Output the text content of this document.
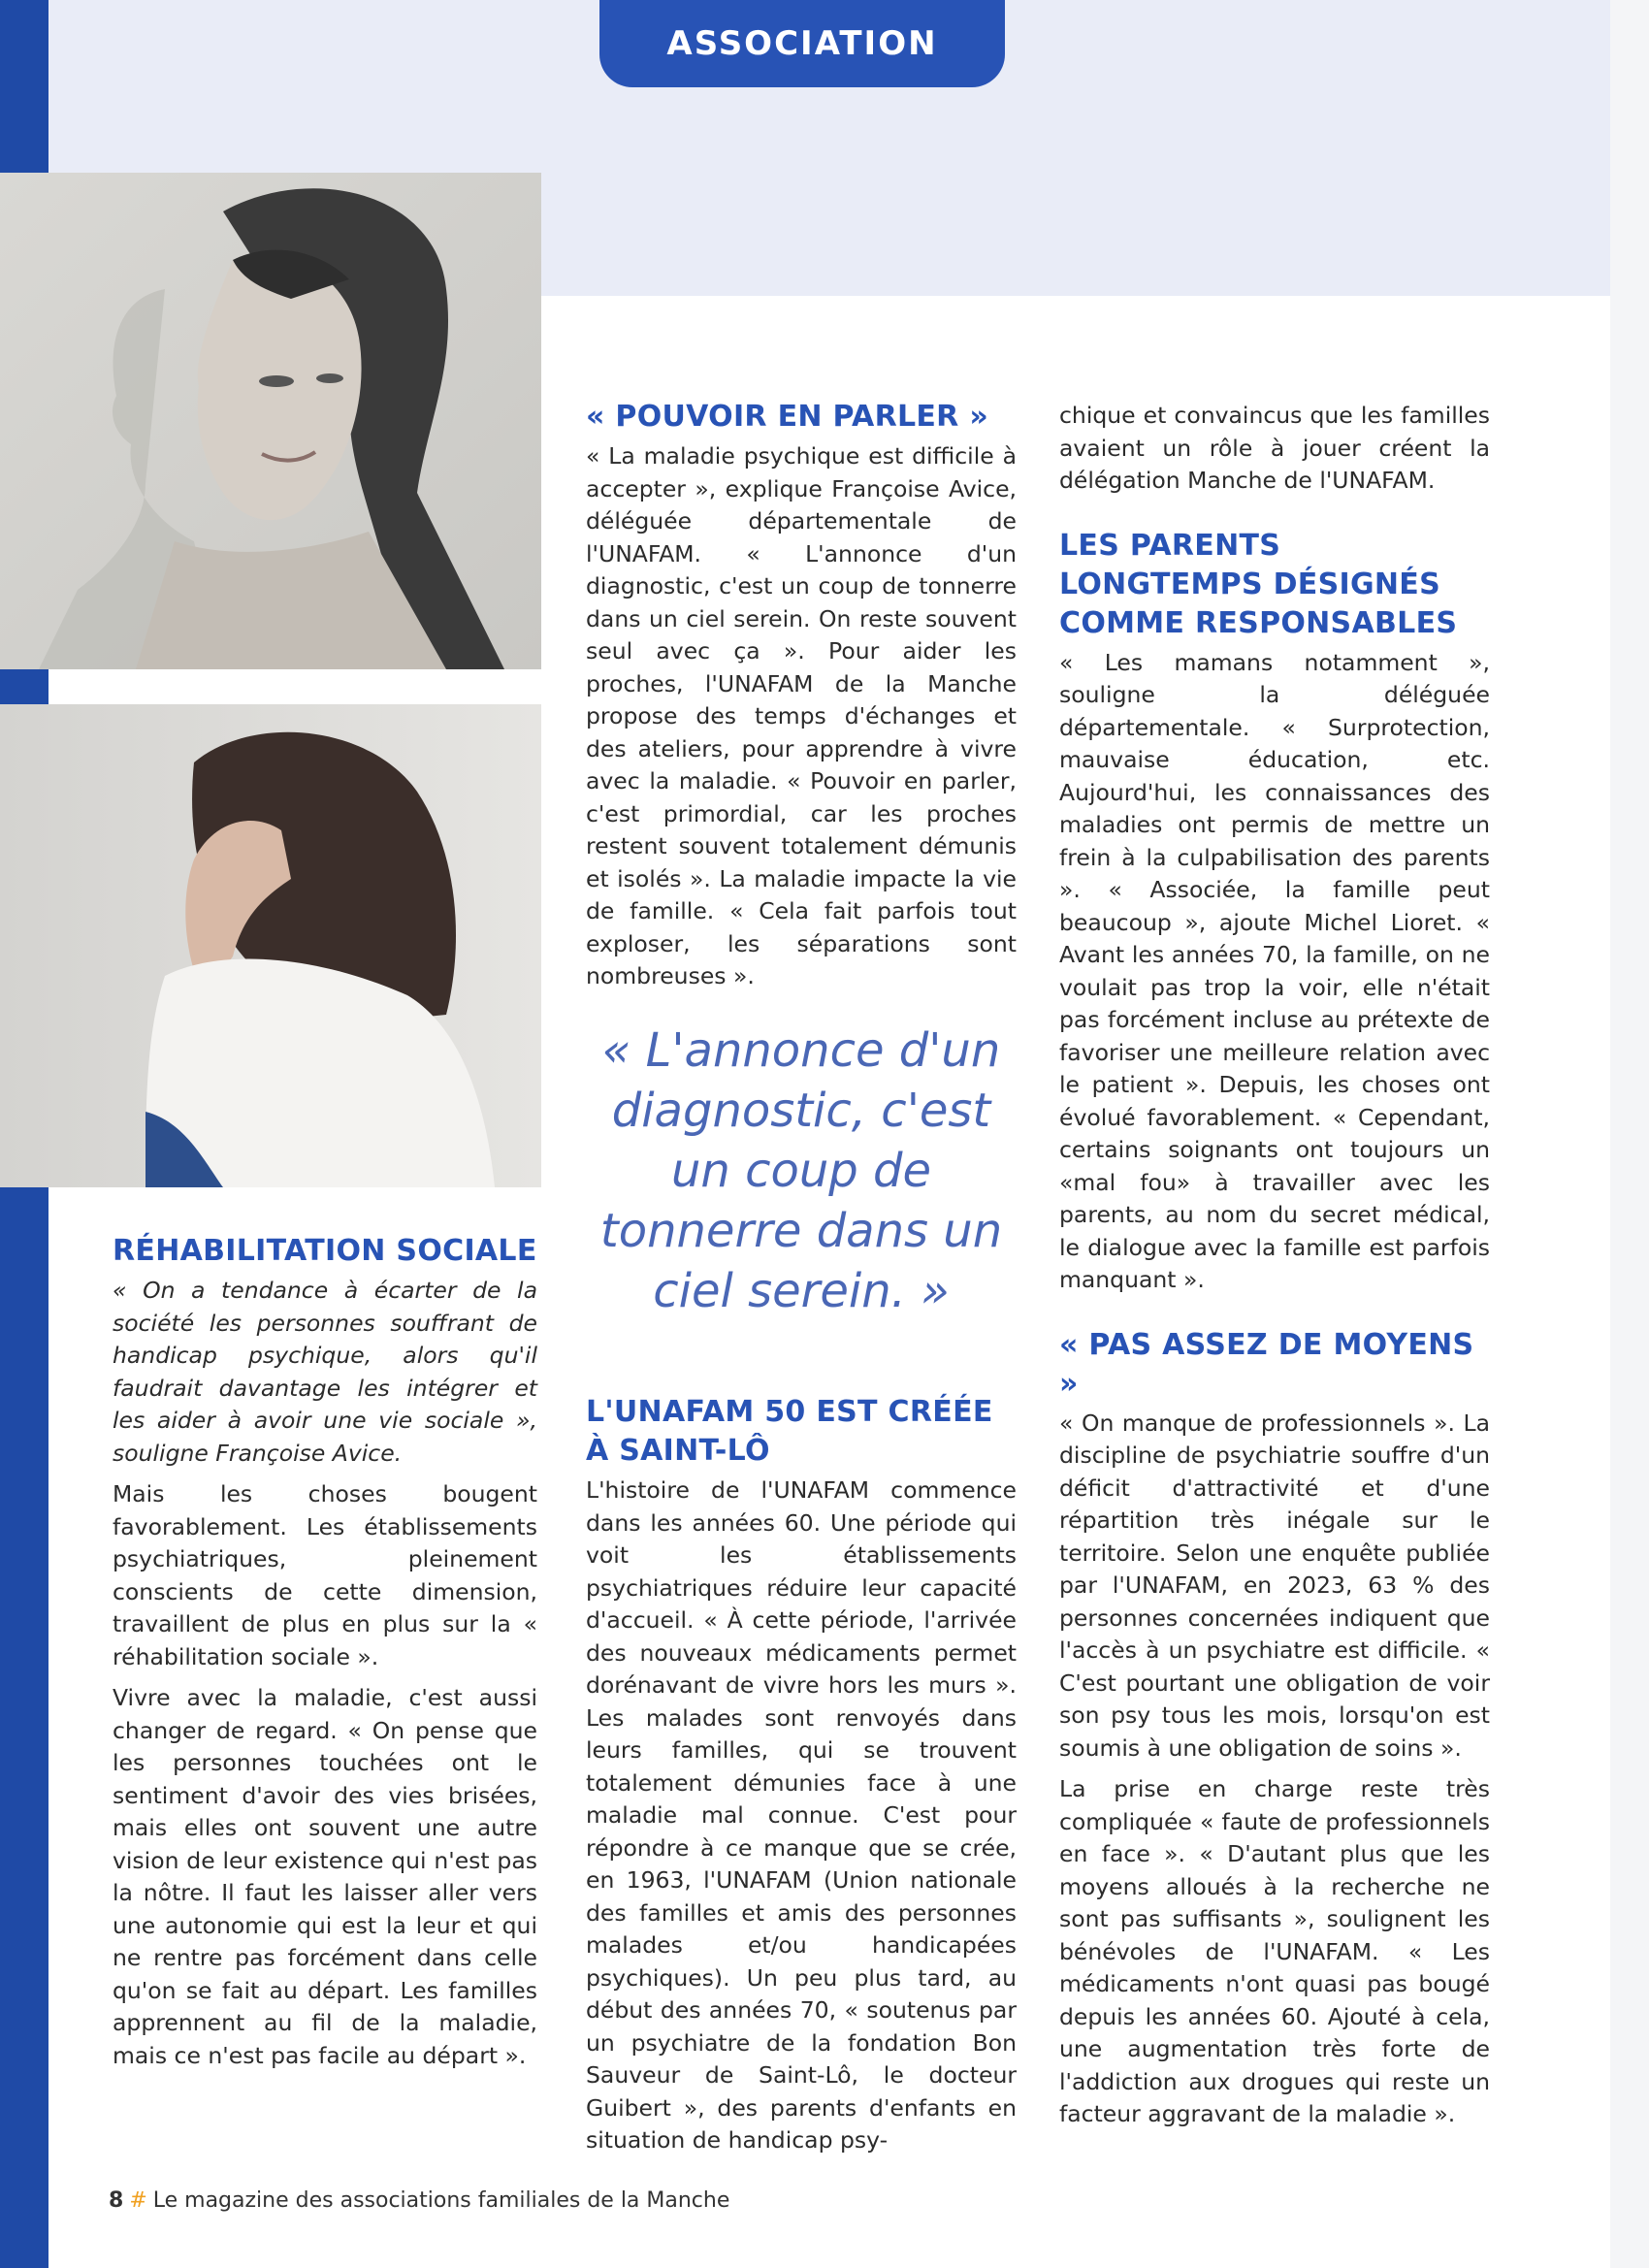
ASSOCIATION
RÉHABILITATION SOCIALE

« On a tendance à écarter de la société les personnes souffrant de handicap psychique, alors qu'il faudrait davantage les intégrer et les aider à avoir une vie sociale », souligne Françoise Avice.

Mais les choses bougent favorablement. Les établissements psychiatriques, pleinement conscients de cette dimension, travaillent de plus en plus sur la « réhabilitation sociale ».

Vivre avec la maladie, c'est aussi changer de regard. « On pense que les personnes touchées ont le sentiment d'avoir des vies brisées, mais elles ont souvent une autre vision de leur existence qui n'est pas la nôtre. Il faut les laisser aller vers une autonomie qui est la leur et qui ne rentre pas forcément dans celle qu'on se fait au départ. Les familles apprennent au fil de la maladie, mais ce n'est pas facile au départ ».

« POUVOIR EN PARLER »

« La maladie psychique est difficile à accepter », explique Françoise Avice, déléguée départementale de l'UNAFAM. « L'annonce d'un diagnostic, c'est un coup de tonnerre dans un ciel serein. On reste souvent seul avec ça ». Pour aider les proches, l'UNAFAM de la Manche propose des temps d'échanges et des ateliers, pour apprendre à vivre avec la maladie. « Pouvoir en parler, c'est primordial, car les proches restent souvent totalement démunis et isolés ». La maladie impacte la vie de famille. « Cela fait parfois tout exploser, les séparations sont nombreuses ».

« L'annonce d'un diagnostic, c'est un coup de tonnerre dans un ciel serein. »
L'UNAFAM 50 EST CRÉÉE À SAINT-LÔ

L'histoire de l'UNAFAM commence dans les années 60. Une période qui voit les établissements psychiatriques réduire leur capacité d'accueil. « À cette période, l'arrivée des nouveaux médicaments permet dorénavant de vivre hors les murs ». Les malades sont renvoyés dans leurs familles, qui se trouvent totalement démunies face à une maladie mal connue. C'est pour répondre à ce manque que se crée, en 1963, l'UNAFAM (Union nationale des familles et amis des personnes malades et/ou handicapées psychiques). Un peu plus tard, au début des années 70, « soutenus par un psychiatre de la fondation Bon Sauveur de Saint-Lô, le docteur Guibert », des parents d'enfants en situation de handicap psy-

chique et convaincus que les familles avaient un rôle à jouer créent la délégation Manche de l'UNAFAM.

LES PARENTS LONGTEMPS DÉSIGNÉS COMME RESPONSABLES

« Les mamans notamment », souligne la déléguée départementale. « Surprotection, mauvaise éducation, etc. Aujourd'hui, les connaissances des maladies ont permis de mettre un frein à la culpabilisation des parents ». « Associée, la famille peut beaucoup », ajoute Michel Lioret. « Avant les années 70, la famille, on ne voulait pas trop la voir, elle n'était pas forcément incluse au prétexte de favoriser une meilleure relation avec le patient ». Depuis, les choses ont évolué favorablement. « Cependant, certains soignants ont toujours un «mal fou» à travailler avec les parents, au nom du secret médical, le dialogue avec la famille est parfois manquant ».

« PAS ASSEZ DE MOYENS »

« On manque de professionnels ». La discipline de psychiatrie souffre d'un déficit d'attractivité et d'une répartition très inégale sur le territoire. Selon une enquête publiée par l'UNAFAM, en 2023, 63 % des personnes concernées indiquent que l'accès à un psychiatre est difficile. « C'est pourtant une obligation de voir son psy tous les mois, lorsqu'on est soumis à une obligation de soins ».

La prise en charge reste très compliquée « faute de professionnels en face ». « D'autant plus que les moyens alloués à la recherche ne sont pas suffisants », soulignent les bénévoles de l'UNAFAM. « Les médicaments n'ont quasi pas bougé depuis les années 60. Ajouté à cela, une augmentation très forte de l'addiction aux drogues qui reste un facteur aggravant de la maladie ».

8 # Le magazine des associations familiales de la Manche
